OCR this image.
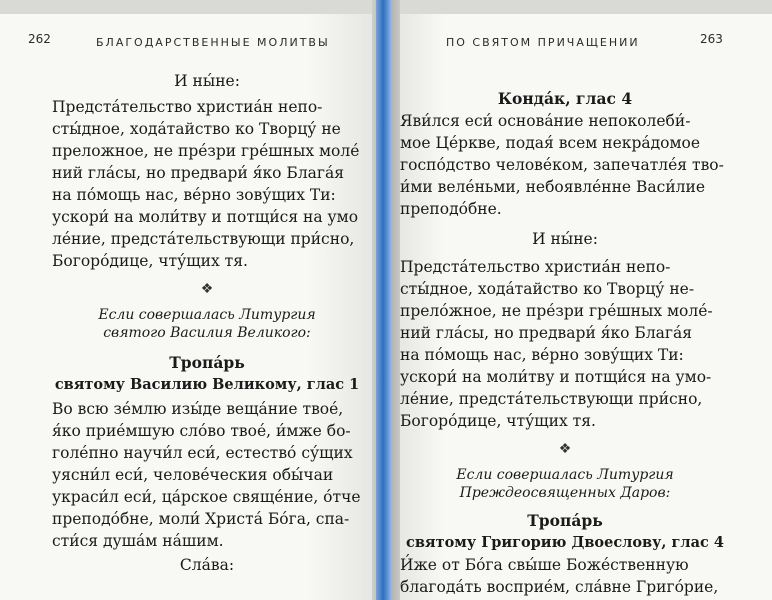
262	БЛАГОДАРСТВЕННЫЕ МОЛИТВЫ

И ны́не:

Предста́тельство христиа́н непо-

сты́дное, хода́тайство ко Творцу́ не

преложное, не пре́зри гре́шных моле́

ний гла́сы, но предвари́ я́ко Блага́я

на по́мощь нас, ве́рно зову́щих Ти:

ускори́ на моли́тву и потщи́ся на умо

ле́ние, предста́тельствующи при́сно,

Богоро́дице, чту́щих тя.

❖

Если совершалась Литургия

святого Василия Великого:

Тропа́рь

святому Василию Великому, глас 1

Во всю зе́млю изы́де веща́ние твое́,

я́ко прие́мшую сло́во твое́, и́мже бо-

голе́пно научи́л еси́, естество́ су́щих

уясни́л еси́, челове́ческия обы́чаи

украси́л еси́, ца́рское свяще́ние, о́тче

преподо́бне, моли́ Христа́ Бо́га, спа-

сти́ся душа́м на́шим.

Сла́ва:

ПО СВЯТОМ ПРИЧАЩЕНИИ	263

Конда́к, глас 4

Яви́лся еси́ основа́ние непоколеби́-

мое Це́ркве, подая́ всем некра́домое

госпо́дство челове́ком, запечатле́я тво-

и́ми веле́ньми, небоявле́нне Васи́лие

преподо́бне.

И ны́не:

Предста́тельство христиа́н непо-

сты́дное, хода́тайство ко Творцу́ не-

прело́жное, не пре́зри гре́шных моле́-

ний гла́сы, но предвари́ я́ко Блага́я

на по́мощь нас, ве́рно зову́щих Ти:

ускори́ на моли́тву и потщи́ся на умо-

ле́ние, предста́тельствующи при́сно,

Богоро́дице, чту́щих тя.

❖

Если совершалась Литургия

Преждеосвященных Даров:

Тропа́рь

святому Григорию Двоеслову, глас 4

И́же от Бо́га свы́ше Боже́ственную

благода́ть восприе́м, сла́вне Григо́рие,
